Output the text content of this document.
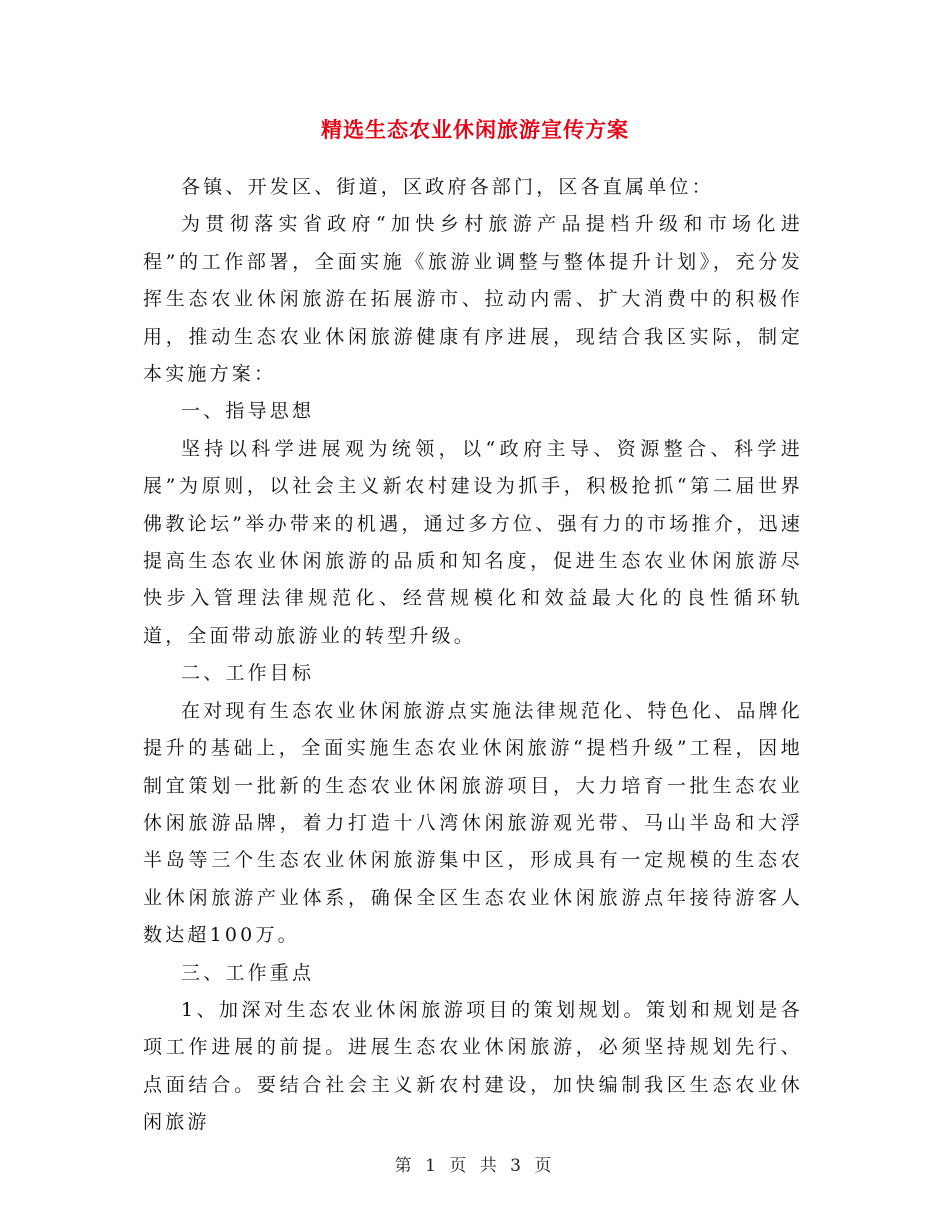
精选生态农业休闲旅游宣传方案

各镇、开发区、街道，区政府各部门，区各直属单位：

为贯彻落实省政府“加快乡村旅游产品提档升级和市场化进程”的工作部署，全面实施《旅游业调整与整体提升计划》，充分发挥生态农业休闲旅游在拓展游市、拉动内需、扩大消费中的积极作用，推动生态农业休闲旅游健康有序进展，现结合我区实际，制定本实施方案：

一、指导思想

坚持以科学进展观为统领，以“政府主导、资源整合、科学进展”为原则，以社会主义新农村建设为抓手，积极抢抓“第二届世界佛教论坛”举办带来的机遇，通过多方位、强有力的市场推介，迅速提高生态农业休闲旅游的品质和知名度，促进生态农业休闲旅游尽快步入管理法律规范化、经营规模化和效益最大化的良性循环轨道，全面带动旅游业的转型升级。

二、工作目标

在对现有生态农业休闲旅游点实施法律规范化、特色化、品牌化提升的基础上，全面实施生态农业休闲旅游“提档升级”工程，因地制宜策划一批新的生态农业休闲旅游项目，大力培育一批生态农业休闲旅游品牌，着力打造十八湾休闲旅游观光带、马山半岛和大浮半岛等三个生态农业休闲旅游集中区，形成具有一定规模的生态农业休闲旅游产业体系，确保全区生态农业休闲旅游点年接待游客人数达超100万。

三、工作重点

1、加深对生态农业休闲旅游项目的策划规划。策划和规划是各项工作进展的前提。进展生态农业休闲旅游，必须坚持规划先行、点面结合。要结合社会主义新农村建设，加快编制我区生态农业休闲旅游

第 1 页 共 3 页
